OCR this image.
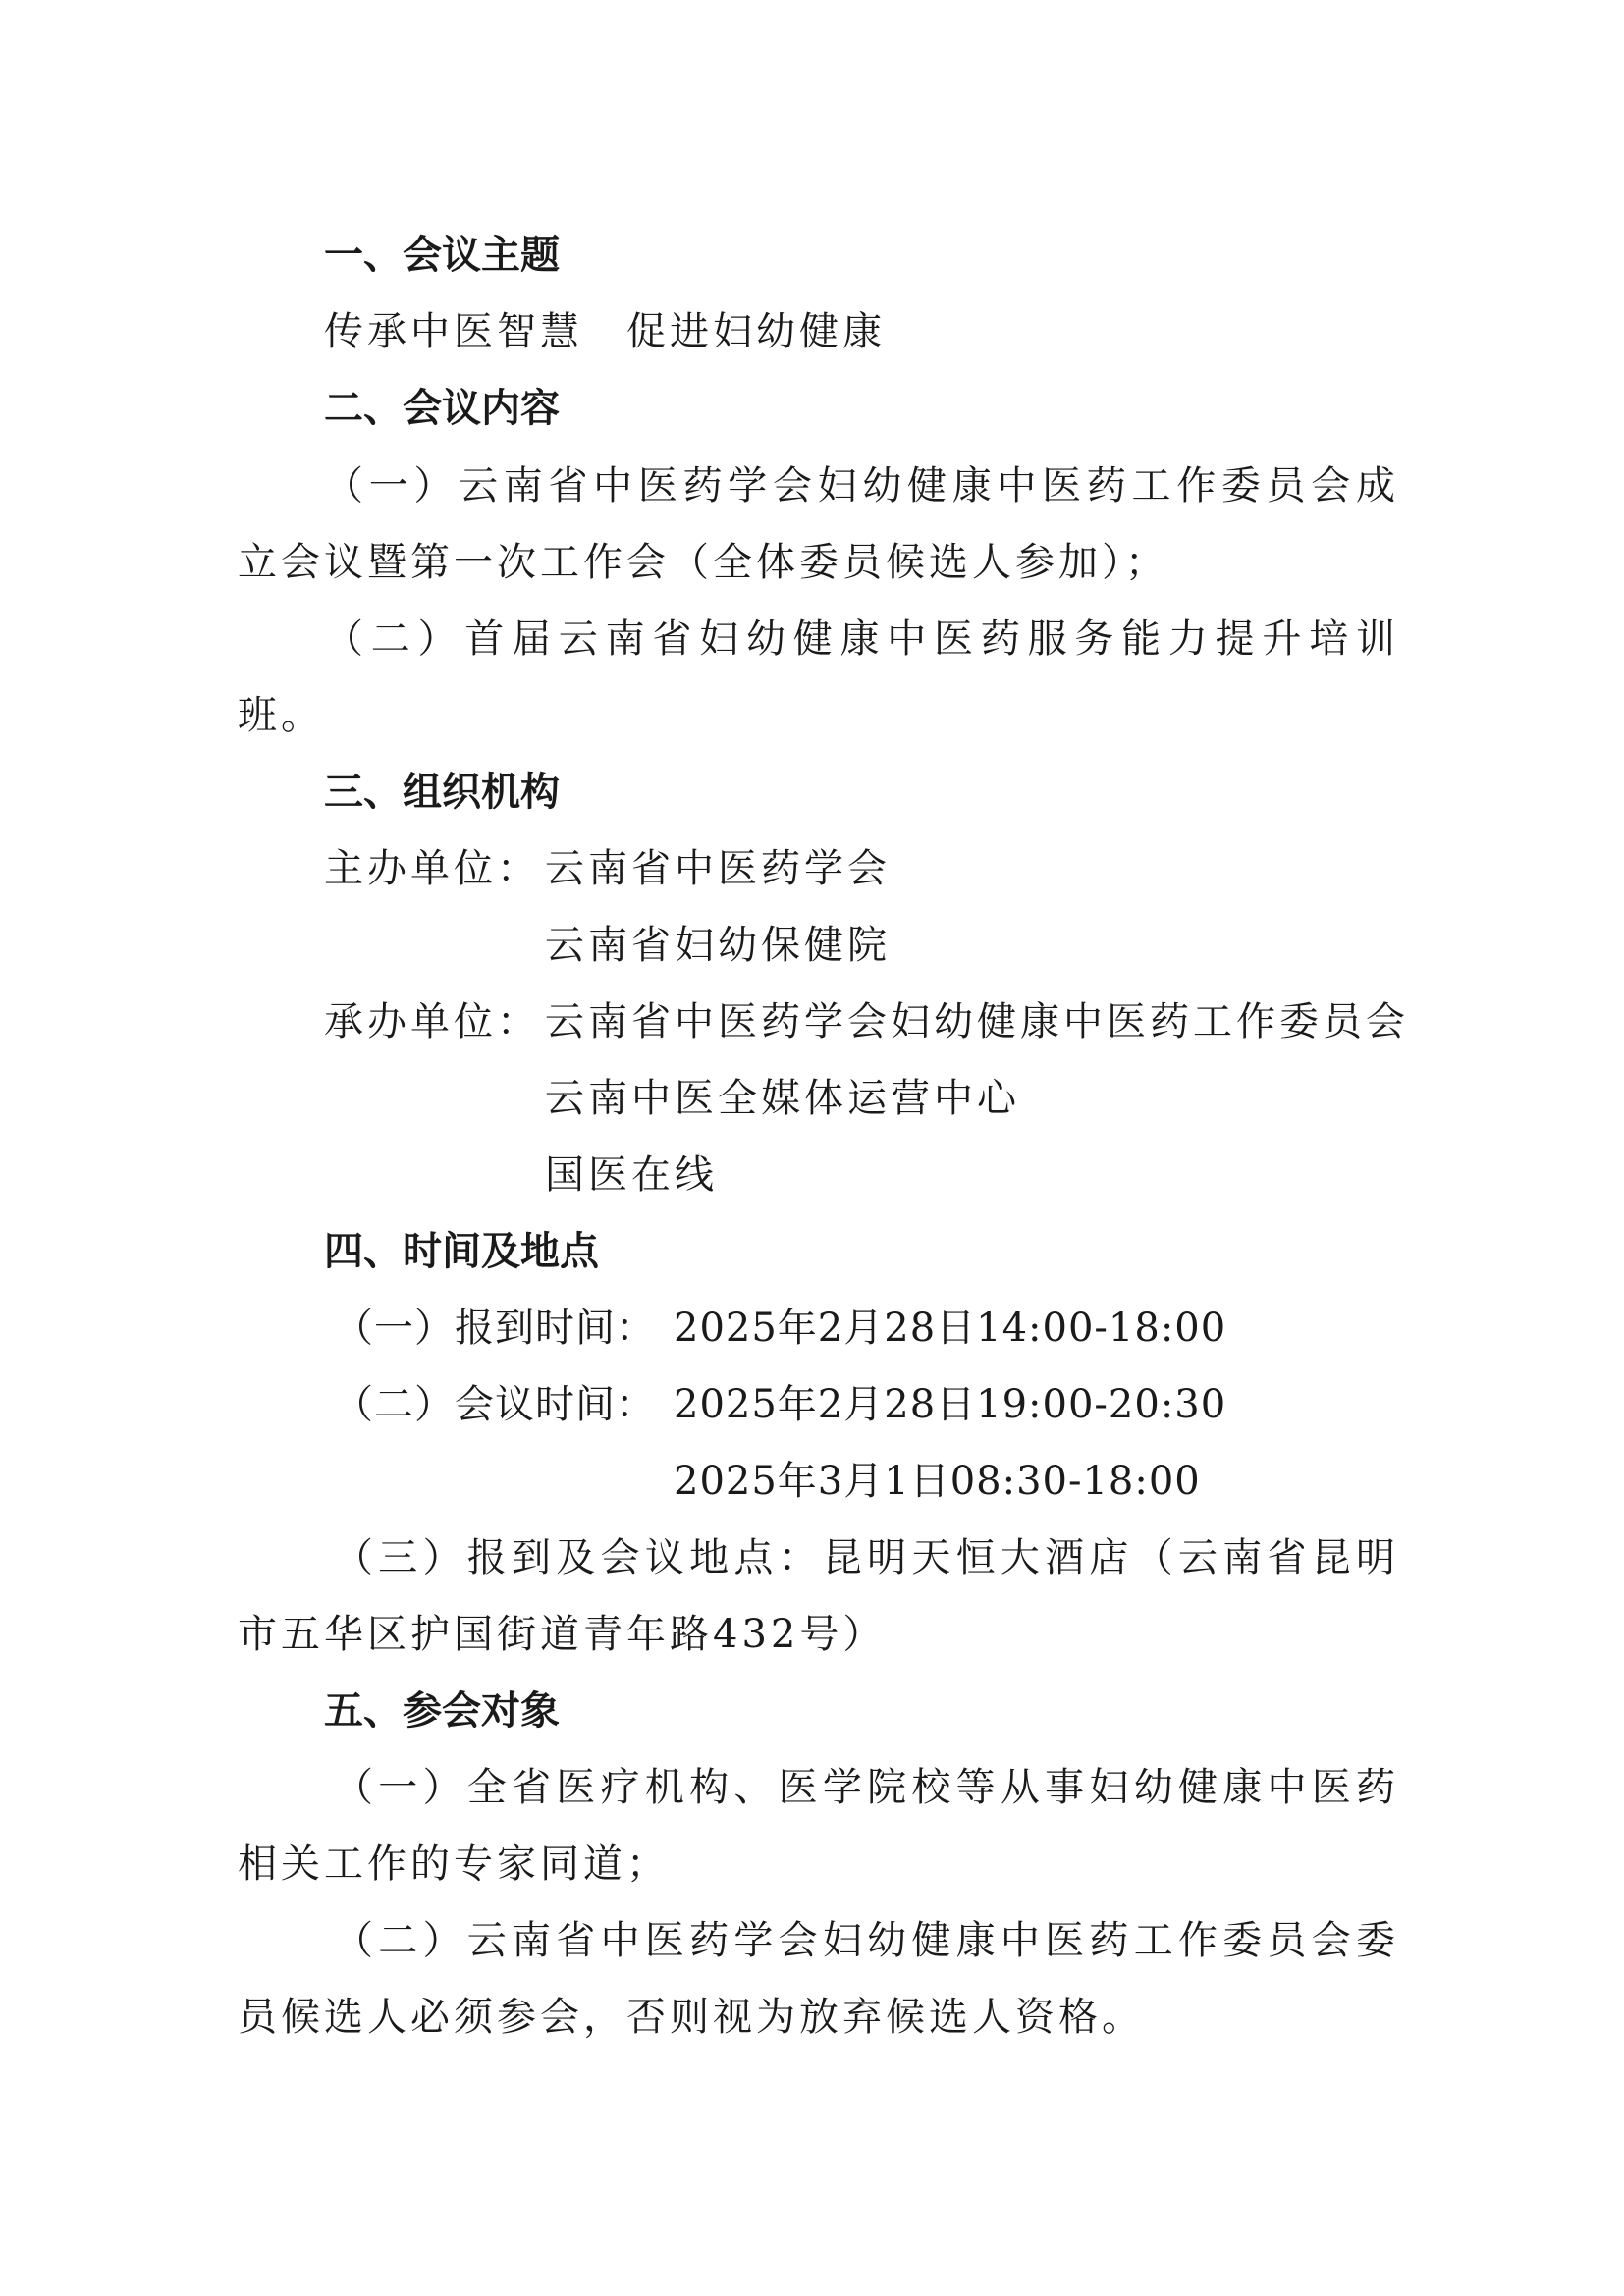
一、会议主题
传承中医智慧　促进妇幼健康
二、会议内容
（一）云南省中医药学会妇幼健康中医药工作委员会成
立会议暨第一次工作会（全体委员候选人参加）；
（二）首届云南省妇幼健康中医药服务能力提升培训
班。
三、组织机构
主办单位： 云南省中医药学会
云南省妇幼保健院
承办单位： 云南省中医药学会妇幼健康中医药工作委员会
云南中医全媒体运营中心
国医在线
四、时间及地点
（一）报到时间： 2025年2月28日14:00-18:00
（二）会议时间： 2025年2月28日19:00-20:30
2025年3月1日08:30-18:00
（三）报到及会议地点：昆明天恒大酒店（云南省昆明
市五华区护国街道青年路432号）
五、参会对象
（一）全省医疗机构、医学院校等从事妇幼健康中医药
相关工作的专家同道；
（二）云南省中医药学会妇幼健康中医药工作委员会委
员候选人必须参会，否则视为放弃候选人资格。
